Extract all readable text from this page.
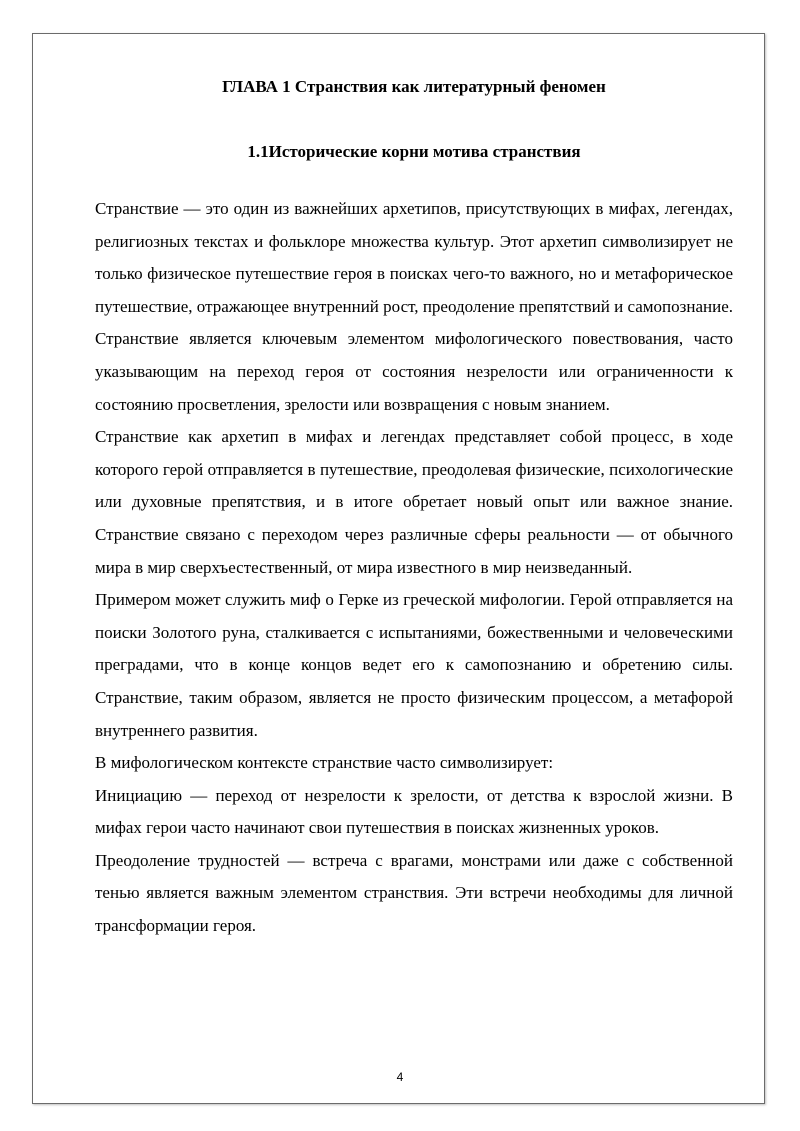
ГЛАВА 1 Странствия как литературный феномен
1.1Исторические корни мотива странствия

Странствие — это один из важнейших архетипов, присутствующих в мифах, легендах, религиозных текстах и фольклоре множества культур. Этот архетип символизирует не только физическое путешествие героя в поисках чего-то важного, но и метафорическое путешествие, отражающее внутренний рост, преодоление препятствий и самопознание. Странствие является ключевым элементом мифологического повествования, часто указывающим на переход героя от состояния незрелости или ограниченности к состоянию просветления, зрелости или возвращения с новым знанием.

Странствие как архетип в мифах и легендах представляет собой процесс, в ходе которого герой отправляется в путешествие, преодолевая физические, психологические или духовные препятствия, и в итоге обретает новый опыт или важное знание. Странствие связано с переходом через различные сферы реальности — от обычного мира в мир сверхъестественный, от мира известного в мир неизведанный.

Примером может служить миф о Герке из греческой мифологии. Герой отправляется на поиски Золотого руна, сталкивается с испытаниями, божественными и человеческими преградами, что в конце концов ведет его к самопознанию и обретению силы. Странствие, таким образом, является не просто физическим процессом, а метафорой внутреннего развития.

В мифологическом контексте странствие часто символизирует:

Инициацию — переход от незрелости к зрелости, от детства к взрослой жизни. В мифах герои часто начинают свои путешествия в поисках жизненных уроков.

Преодоление трудностей — встреча с врагами, монстрами или даже с собственной тенью является важным элементом странствия. Эти встречи необходимы для личной трансформации героя.

4
